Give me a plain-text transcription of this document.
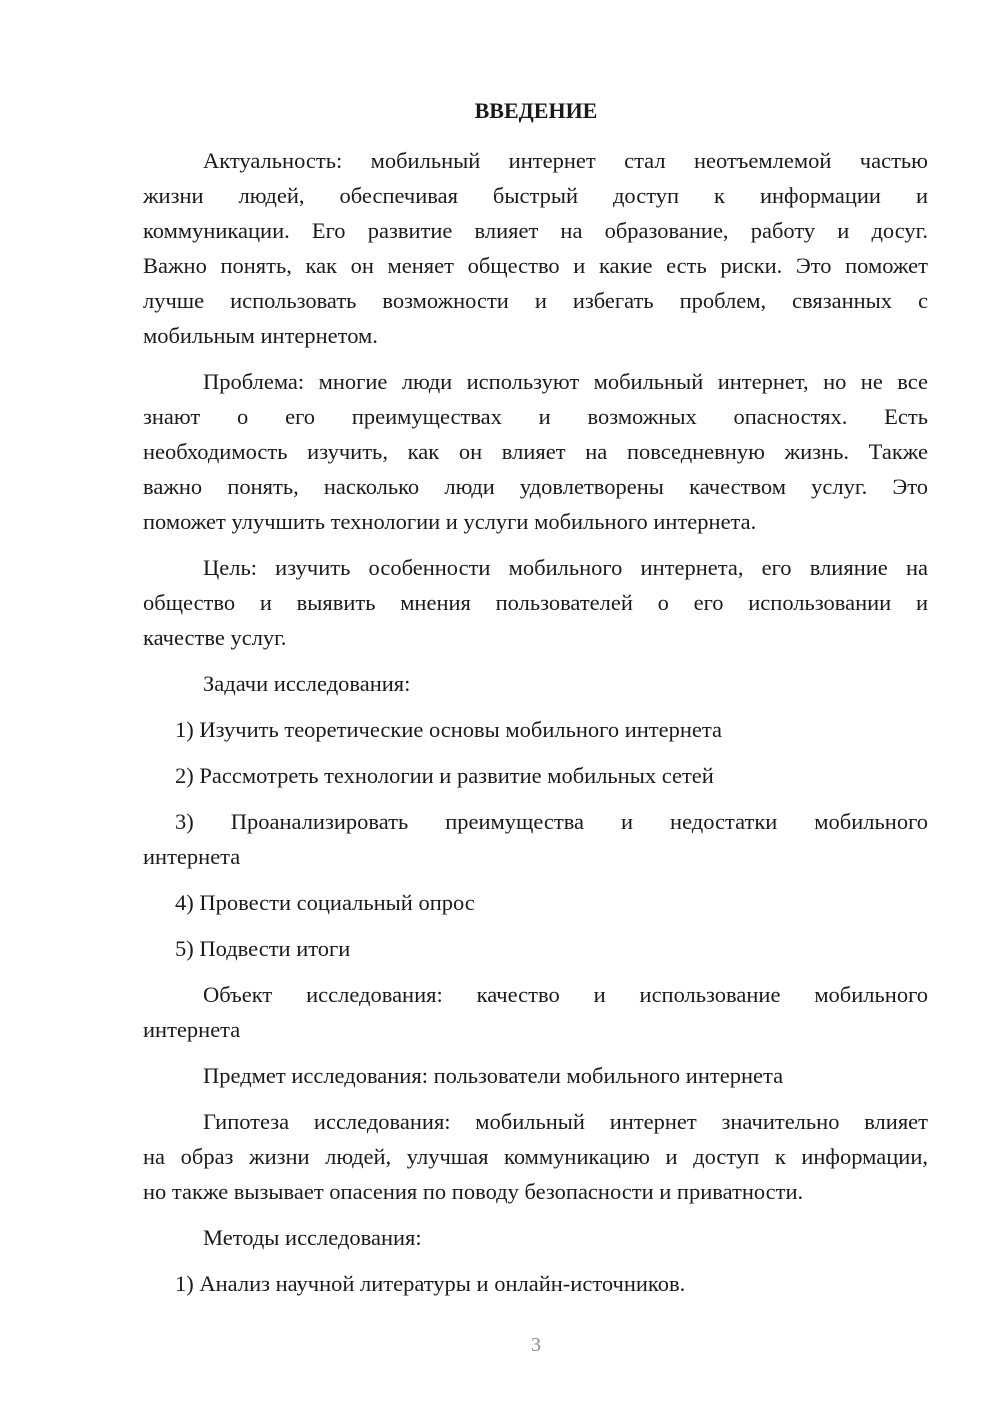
ВВЕДЕНИЕ
Актуальность: мобильный интернет стал неотъемлемой частью
жизни людей, обеспечивая быстрый доступ к информации и
коммуникации. Его развитие влияет на образование, работу и досуг.
Важно понять, как он меняет общество и какие есть риски. Это поможет
лучше использовать возможности и избегать проблем, связанных с
мобильным интернетом.
Проблема: многие люди используют мобильный интернет, но не все
знают о его преимуществах и возможных опасностях. Есть
необходимость изучить, как он влияет на повседневную жизнь. Также
важно понять, насколько люди удовлетворены качеством услуг. Это
поможет улучшить технологии и услуги мобильного интернета.
Цель: изучить особенности мобильного интернета, его влияние на
общество и выявить мнения пользователей о его использовании и
качестве услуг.
Задачи исследования:
1) Изучить теоретические основы мобильного интернета
2) Рассмотреть технологии и развитие мобильных сетей
3) Проанализировать преимущества и недостатки мобильного
интернета
4) Провести социальный опрос
5) Подвести итоги
Объект исследования: качество и использование мобильного
интернета
Предмет исследования: пользователи мобильного интернета
Гипотеза исследования: мобильный интернет значительно влияет
на образ жизни людей, улучшая коммуникацию и доступ к информации,
но также вызывает опасения по поводу безопасности и приватности.
Методы исследования:
1) Анализ научной литературы и онлайн-источников.
3
